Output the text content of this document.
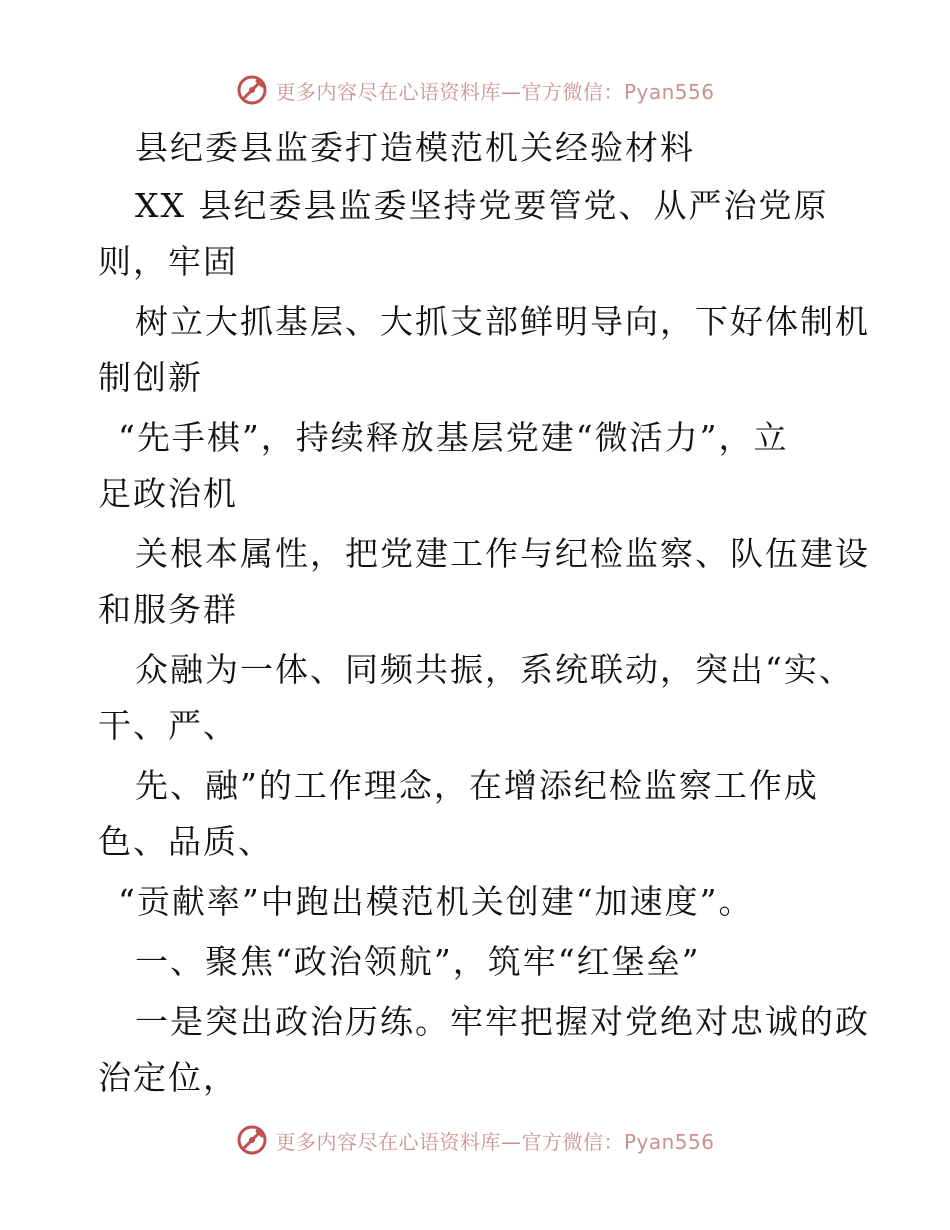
更多内容尽在心语资料库—官方微信：Pyan556
县纪委县监委打造模范机关经验材料
XX 县纪委县监委坚持党要管党、从严治党原
则，牢固
树立大抓基层、大抓支部鲜明导向，下好体制机
制创新
“先手棋”，持续释放基层党建“微活力”，立
足政治机
关根本属性，把党建工作与纪检监察、队伍建设
和服务群
众融为一体、同频共振，系统联动，突出“实、
干、严、
先、融”的工作理念，在增添纪检监察工作成
色、品质、
“贡献率”中跑出模范机关创建“加速度”。
一、聚焦“政治领航”，筑牢“红堡垒”
一是突出政治历练。牢牢把握对党绝对忠诚的政
治定位，
更多内容尽在心语资料库—官方微信：Pyan556
